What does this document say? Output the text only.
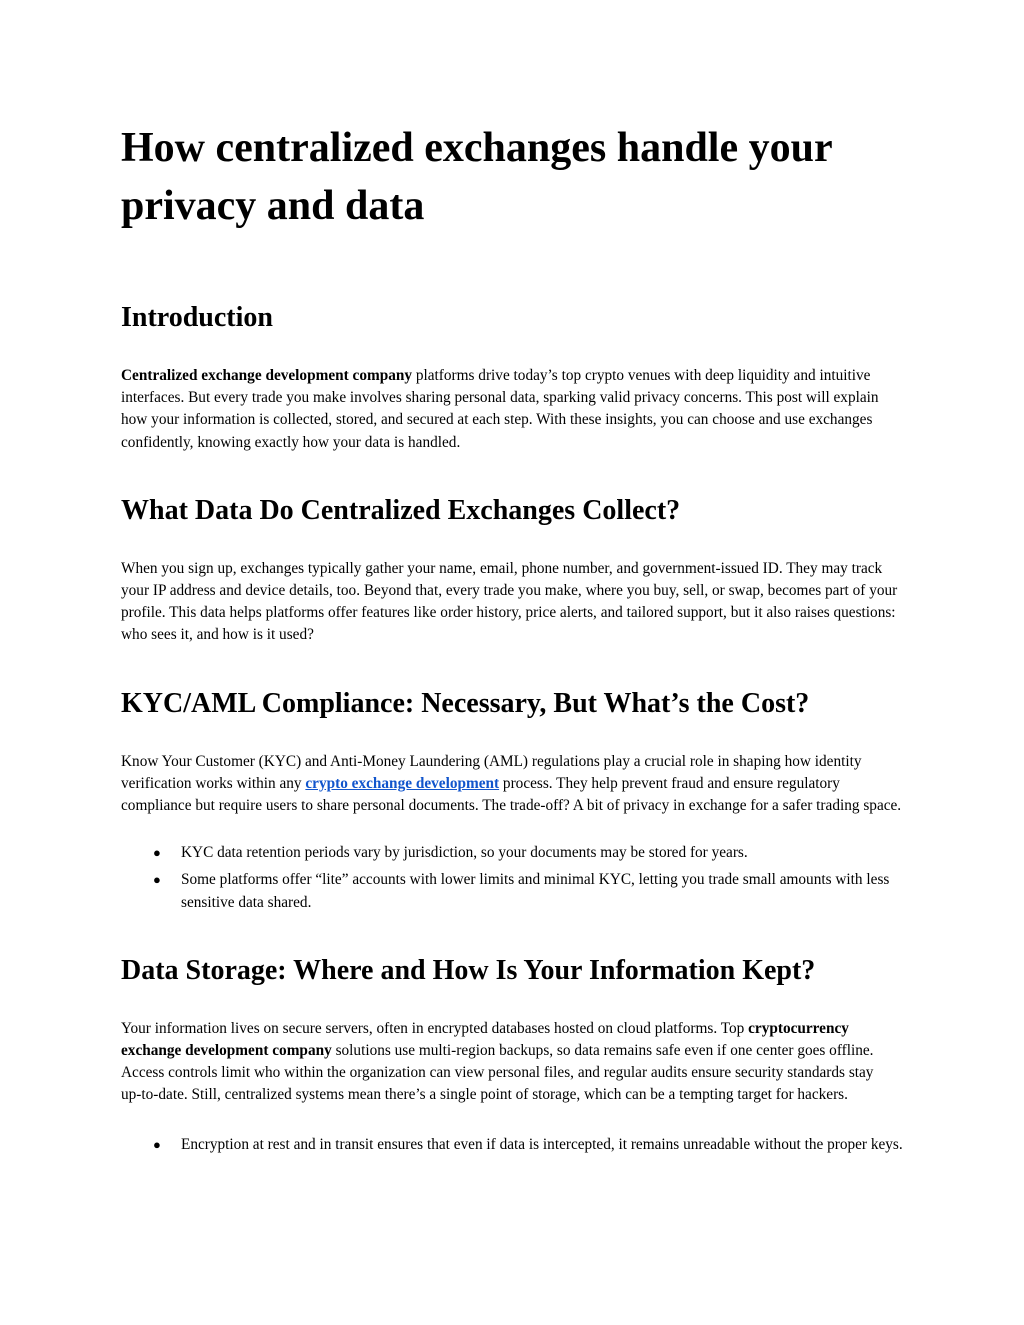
How centralized exchanges handle your privacy and data
Introduction

Centralized exchange development company platforms drive today’s top crypto venues with deep liquidity and intuitive interfaces. But every trade you make involves sharing personal data, sparking valid privacy concerns. This post will explain how your information is collected, stored, and secured at each step. With these insights, you can choose and use exchanges confidently, knowing exactly how your data is handled.

What Data Do Centralized Exchanges Collect?

When you sign up, exchanges typically gather your name, email, phone number, and government‑issued ID. They may track your IP address and device details, too. Beyond that, every trade you make, where you buy, sell, or swap, becomes part of your profile. This data helps platforms offer features like order history, price alerts, and tailored support, but it also raises questions: who sees it, and how is it used?

KYC/AML Compliance: Necessary, But What’s the Cost?

Know Your Customer (KYC) and Anti‑Money Laundering (AML) regulations play a crucial role in shaping how identity verification works within any crypto exchange development process. They help prevent fraud and ensure regulatory compliance but require users to share personal documents. The trade-off? A bit of privacy in exchange for a safer trading space.

● KYC data retention periods vary by jurisdiction, so your documents may be stored for years.
● Some platforms offer “lite” accounts with lower limits and minimal KYC, letting you trade small amounts with less sensitive data shared.
Data Storage: Where and How Is Your Information Kept?

Your information lives on secure servers, often in encrypted databases hosted on cloud platforms. Top cryptocurrency exchange development company solutions use multi‑region backups, so data remains safe even if one center goes offline. Access controls limit who within the organization can view personal files, and regular audits ensure security standards stay up‑to‑date. Still, centralized systems mean there’s a single point of storage, which can be a tempting target for hackers.

● Encryption at rest and in transit ensures that even if data is intercepted, it remains unreadable without the proper keys.
